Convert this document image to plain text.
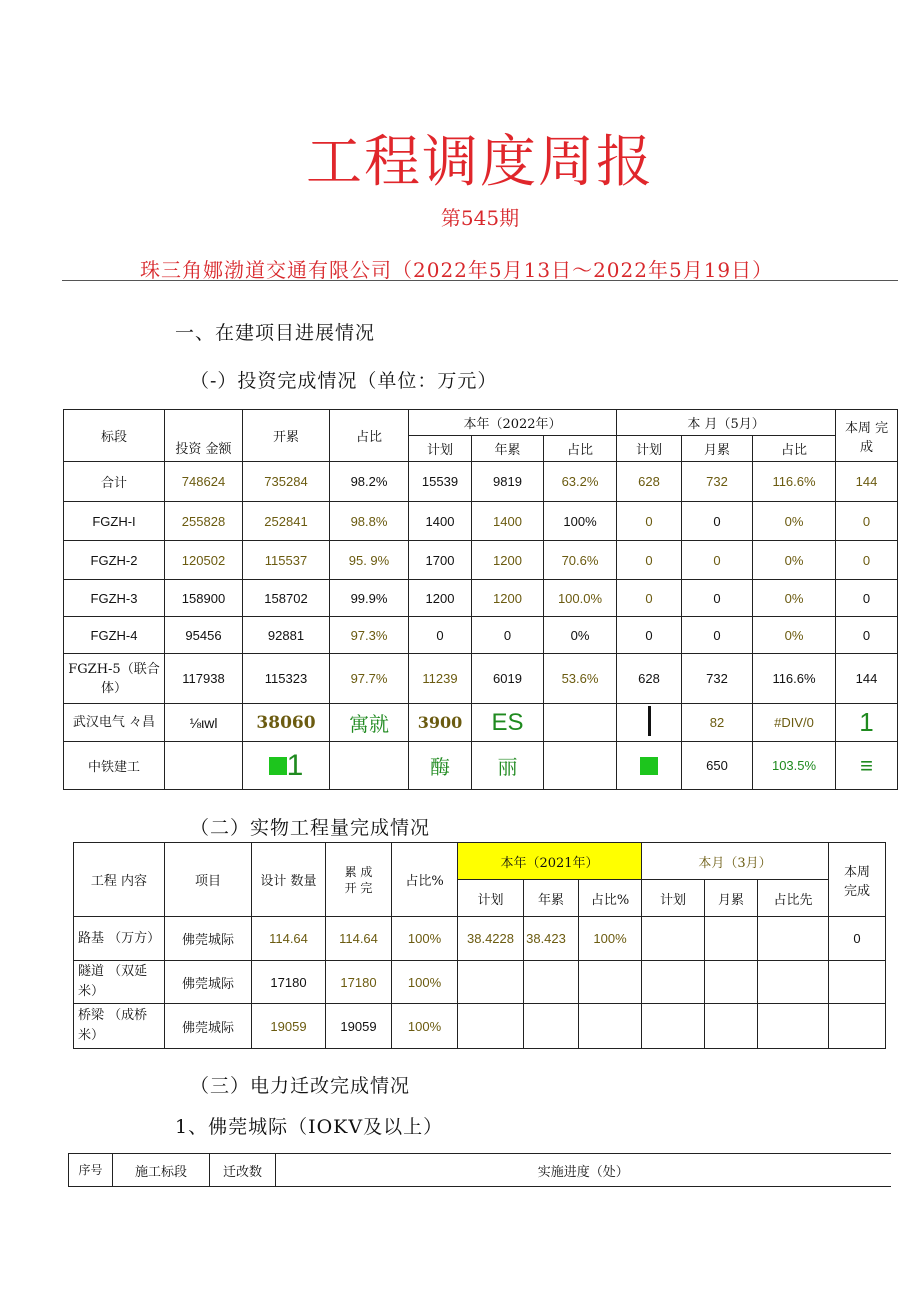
工程调度周报
第545期
珠三角娜渤道交通有限公司（2022年5月13日～2022年5月19日）
一、在建项目进展情况
（-）投资完成情况（单位：万元）
标段	投资 金额	开累	占比	本年（2022年）			本 月（5月）			本周 完成
				计划	年累	占比	计划	月累	占比	
合计	748624	735284	98.2%	15539	9819	63.2%	628	732	116.6%	144
FGZH-I	255828	252841	98.8%	1400	1400	100%	0	0	0%	0
FGZH-2	120502	115537	95. 9%	1700	1200	70.6%	0	0	0%	0
FGZH-3	158900	158702	99.9%	1200	1200	100.0%	0	0	0%	0
FGZH-4	95456	92881	97.3%	0	0	0%	0	0	0%	0
FGZH-5（联合体）	117938	115323	97.7%	11239	6019	53.6%	628	732	116.6%	144
武汉电气 々昌	⅛ιwl	38060	寓就	3900	ES			82	#DIV/0	1
中铁建工		1		酶	丽			650	103.5%	≡
（二）实物工程量完成情况
工程 内容	项目	设计 数量	累 成 开 完	占比%	本年（2021年）			本月（3月）			本周 完成
					计划	年累	占比%	计划	月累	占比先	
路基 （万方）	佛莞城际	114.64	114.64	100%	38.4228	38.423	100%				0
隧道 （双延米）	佛莞城际	17180	17180	100%							
桥梁 （成桥米）	佛莞城际	19059	19059	100%							
（三）电力迁改完成情况
1、佛莞城际（IOKV及以上）
序号	施工标段	迁改数	实施进度（处）
